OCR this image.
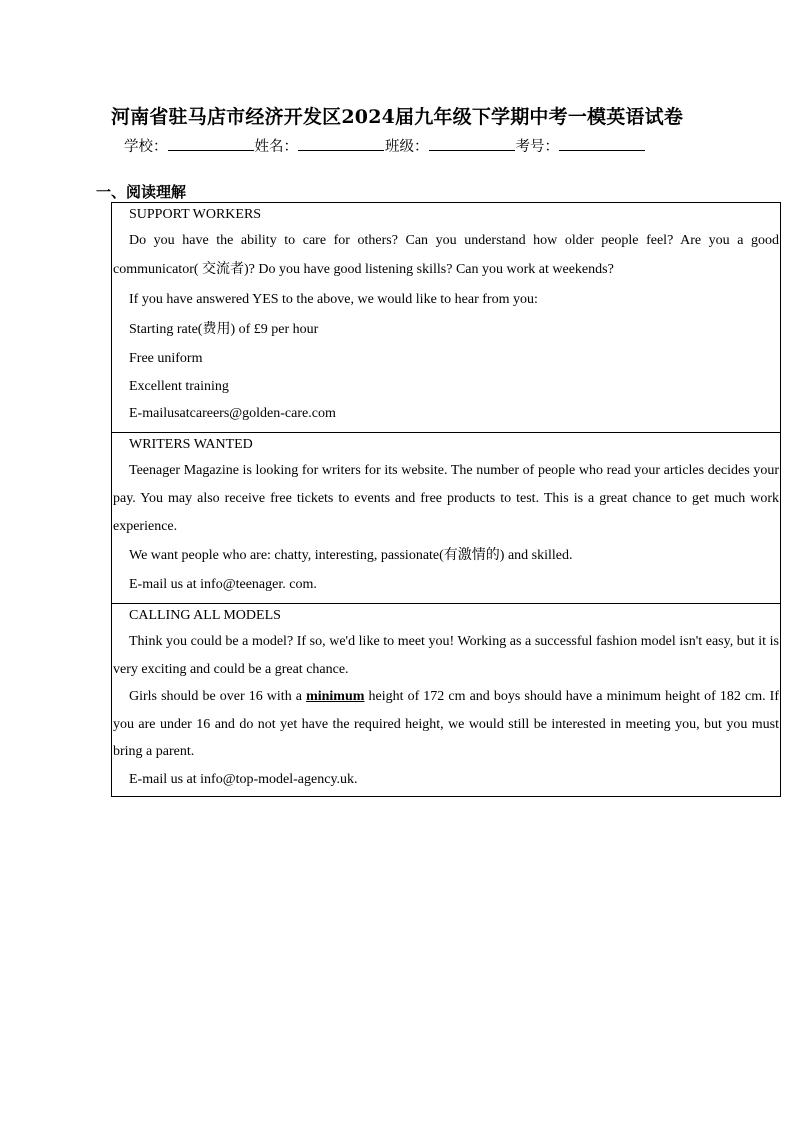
河南省驻马店市经济开发区2024届九年级下学期中考一模英语试卷
学校：	姓名：	班级：	考号：
一、阅读理解

SUPPORT WORKERS

Do you have the ability to care for others? Can you understand how older people feel? Are you a good communicator( 交流者)? Do you have good listening skills? Can you work at weekends?

If you have answered YES to the above, we would like to hear from you:

Starting rate(费用) of £9 per hour

Free uniform

Excellent training

E-mailusatcareers@golden-care.com

WRITERS WANTED

Teenager Magazine is looking for writers for its website. The number of people who read your articles decides your pay. You may also receive free tickets to events and free products to test. This is a great chance to get much work experience.

We want people who are: chatty, interesting, passionate(有激情的) and skilled.

E-mail us at info@teenager. com.

CALLING ALL MODELS

Think you could be a model? If so, we'd like to meet you! Working as a successful fashion model isn't easy, but it is very exciting and could be a great chance.

Girls should be over 16 with a minimum height of 172 cm and boys should have a minimum height of 182 cm. If you are under 16 and do not yet have the required height, we would still be interested in meeting you, but you must bring a parent.

E-mail us at info@top-model-agency.uk.
